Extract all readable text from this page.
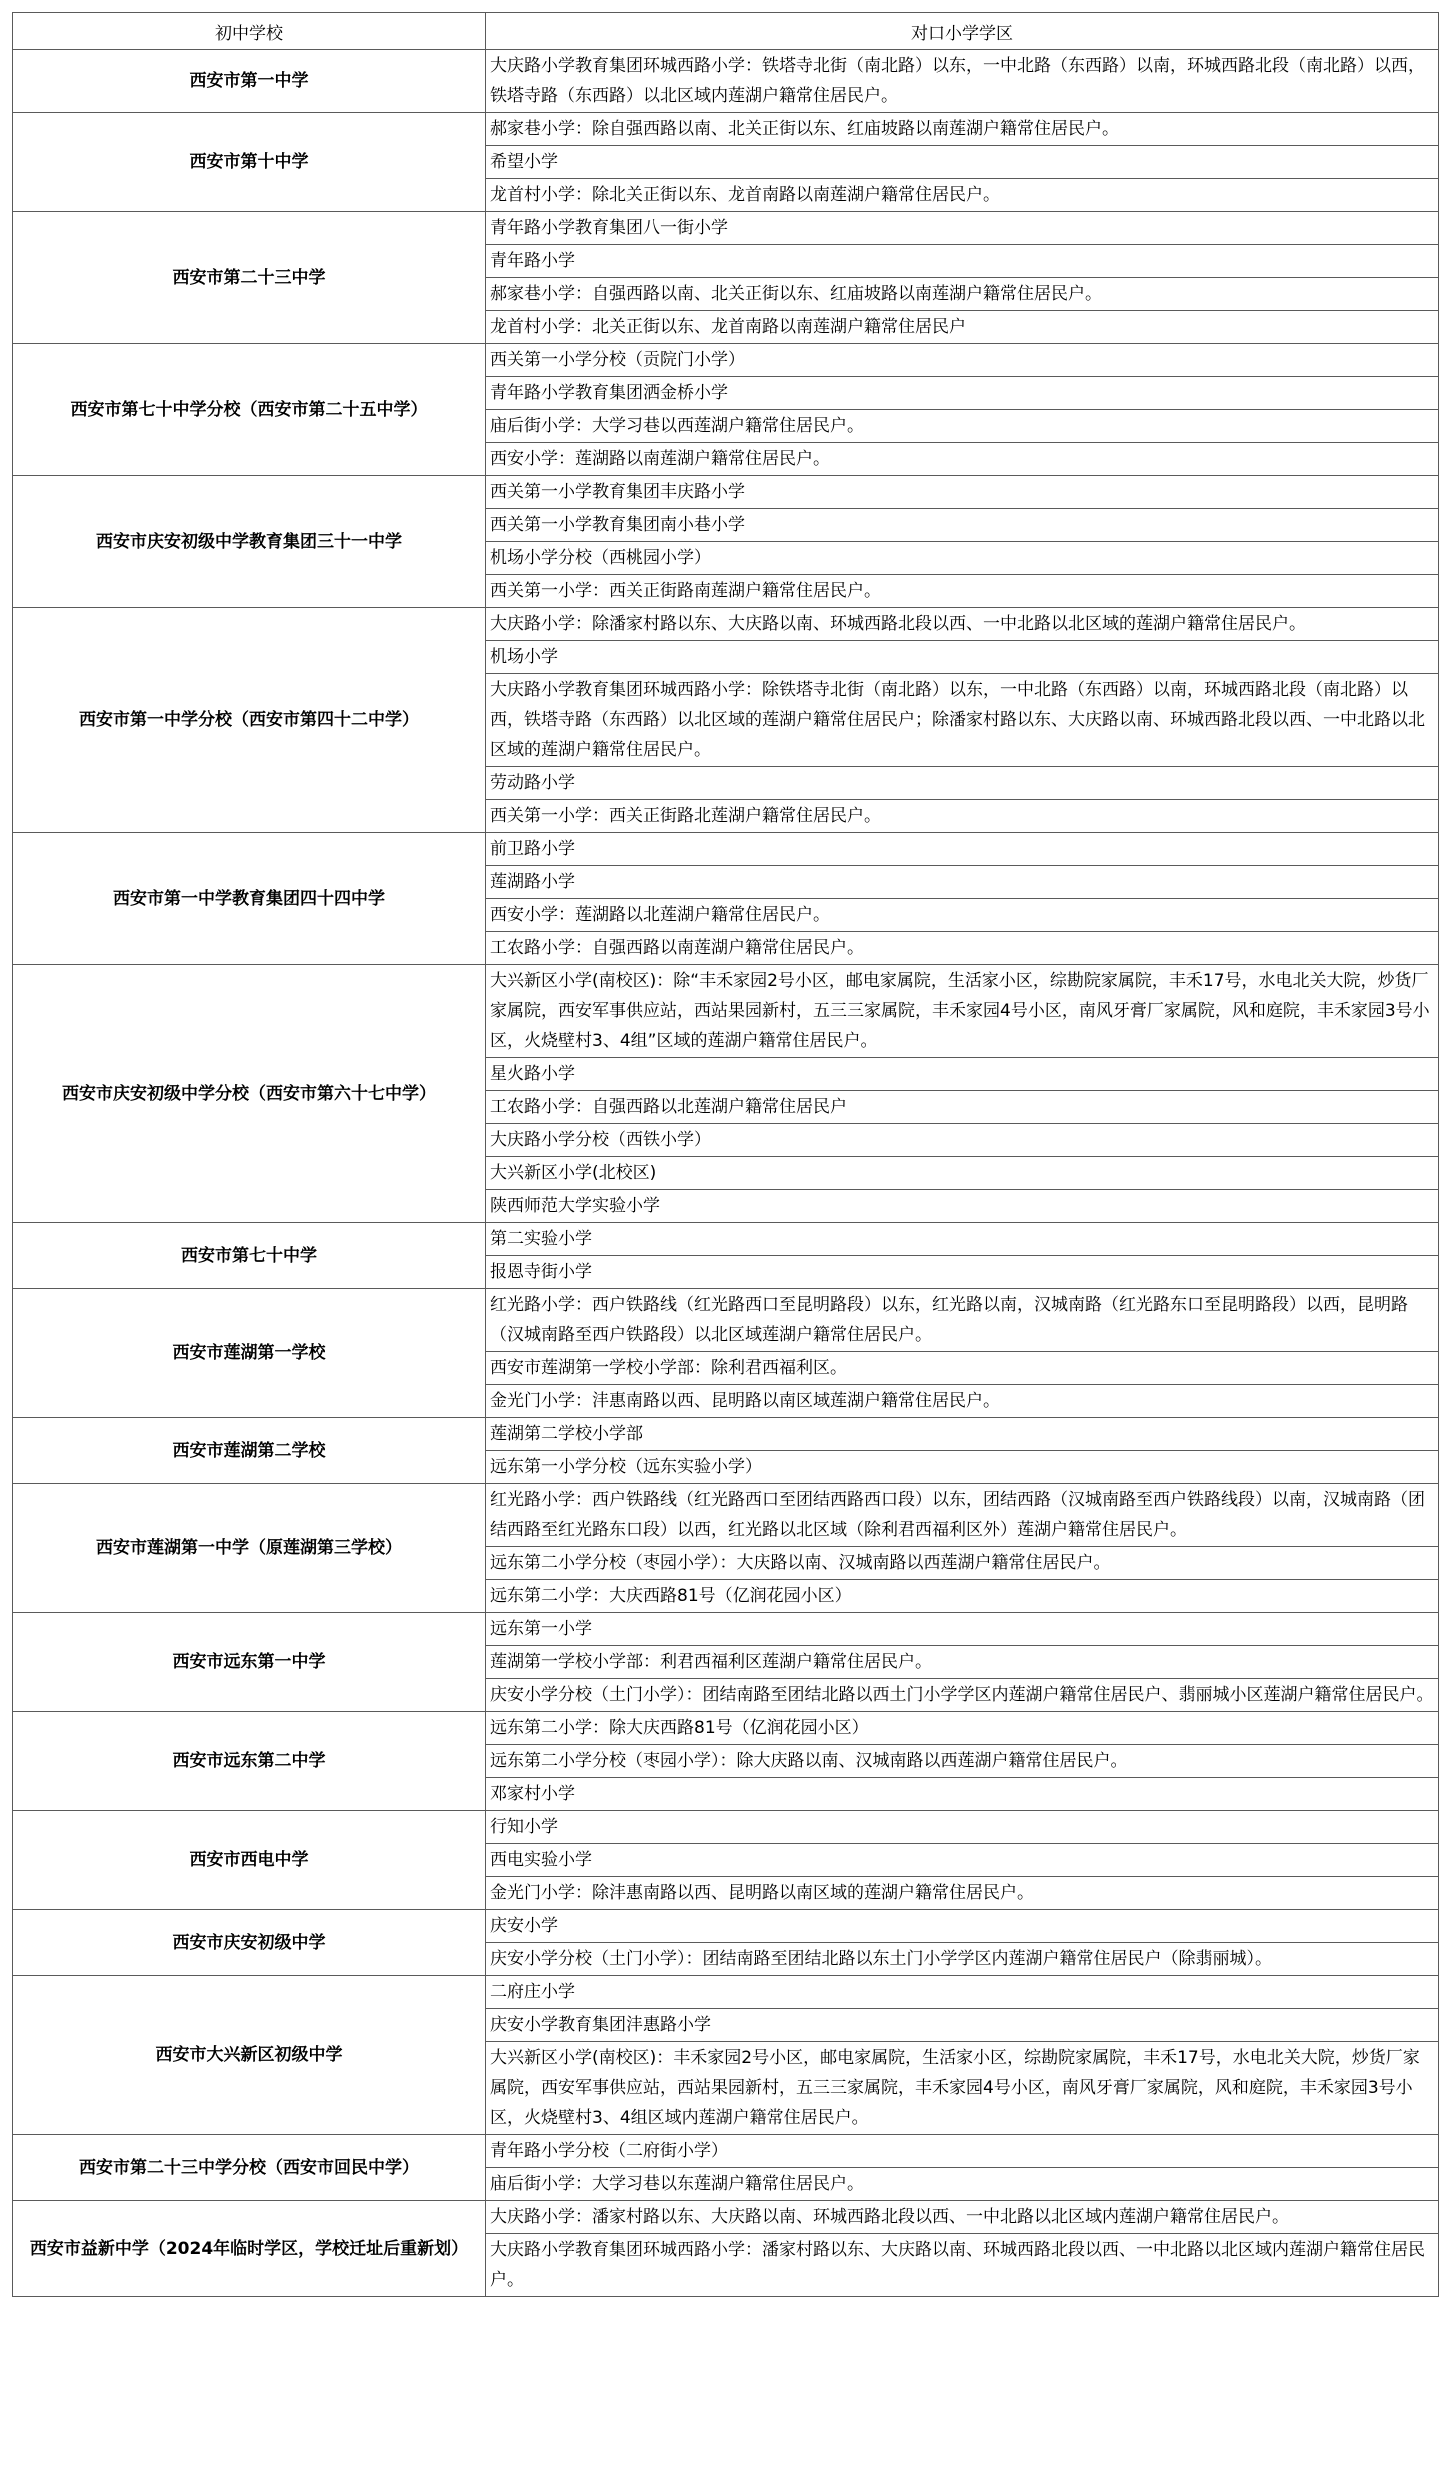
初中学校	对口小学学区
西安市第一中学	大庆路小学教育集团环城西路小学：铁塔寺北街（南北路）以东，一中北路（东西路）以南，环城西路北段（南北路）以西，铁塔寺路（东西路）以北区域内莲湖户籍常住居民户。
西安市第十中学	郝家巷小学：除自强西路以南、北关正街以东、红庙坡路以南莲湖户籍常住居民户。
	希望小学
	龙首村小学：除北关正街以东、龙首南路以南莲湖户籍常住居民户。
西安市第二十三中学	青年路小学教育集团八一街小学
	青年路小学
	郝家巷小学：自强西路以南、北关正街以东、红庙坡路以南莲湖户籍常住居民户。
	龙首村小学：北关正街以东、龙首南路以南莲湖户籍常住居民户
西安市第七十中学分校（西安市第二十五中学）	西关第一小学分校（贡院门小学）
	青年路小学教育集团洒金桥小学
	庙后街小学：大学习巷以西莲湖户籍常住居民户。
	西安小学：莲湖路以南莲湖户籍常住居民户。
西安市庆安初级中学教育集团三十一中学	西关第一小学教育集团丰庆路小学
	西关第一小学教育集团南小巷小学
	机场小学分校（西桃园小学）
	西关第一小学：西关正街路南莲湖户籍常住居民户。
西安市第一中学分校（西安市第四十二中学）	大庆路小学：除潘家村路以东、大庆路以南、环城西路北段以西、一中北路以北区域的莲湖户籍常住居民户。
	机场小学
	大庆路小学教育集团环城西路小学：除铁塔寺北街（南北路）以东，一中北路（东西路）以南，环城西路北段（南北路）以西，铁塔寺路（东西路）以北区域的莲湖户籍常住居民户；除潘家村路以东、大庆路以南、环城西路北段以西、一中北路以北区域的莲湖户籍常住居民户。
	劳动路小学
	西关第一小学：西关正街路北莲湖户籍常住居民户。
西安市第一中学教育集团四十四中学	前卫路小学
	莲湖路小学
	西安小学：莲湖路以北莲湖户籍常住居民户。
	工农路小学：自强西路以南莲湖户籍常住居民户。
西安市庆安初级中学分校（西安市第六十七中学）	大兴新区小学(南校区)：除“丰禾家园2号小区，邮电家属院，生活家小区，综勘院家属院，丰禾17号，水电北关大院，炒货厂家属院，西安军事供应站，西站果园新村，五三三家属院，丰禾家园4号小区，南风牙膏厂家属院，风和庭院，丰禾家园3号小区，火烧壁村3、4组”区域的莲湖户籍常住居民户。
	星火路小学
	工农路小学：自强西路以北莲湖户籍常住居民户
	大庆路小学分校（西铁小学）
	大兴新区小学(北校区)
	陕西师范大学实验小学
西安市第七十中学	第二实验小学
	报恩寺街小学
西安市莲湖第一学校	红光路小学：西户铁路线（红光路西口至昆明路段）以东，红光路以南，汉城南路（红光路东口至昆明路段）以西，昆明路（汉城南路至西户铁路段）以北区域莲湖户籍常住居民户。
	西安市莲湖第一学校小学部：除利君西福利区。
	金光门小学：沣惠南路以西、昆明路以南区域莲湖户籍常住居民户。
西安市莲湖第二学校	莲湖第二学校小学部
	远东第一小学分校（远东实验小学）
西安市莲湖第一中学（原莲湖第三学校）	红光路小学：西户铁路线（红光路西口至团结西路西口段）以东，团结西路（汉城南路至西户铁路线段）以南，汉城南路（团结西路至红光路东口段）以西，红光路以北区域（除利君西福利区外）莲湖户籍常住居民户。
	远东第二小学分校（枣园小学）：大庆路以南、汉城南路以西莲湖户籍常住居民户。
	远东第二小学：大庆西路81号（亿润花园小区）
西安市远东第一中学	远东第一小学
	莲湖第一学校小学部：利君西福利区莲湖户籍常住居民户。
	庆安小学分校（土门小学）：团结南路至团结北路以西土门小学学区内莲湖户籍常住居民户、翡丽城小区莲湖户籍常住居民户。
西安市远东第二中学	远东第二小学：除大庆西路81号（亿润花园小区）
	远东第二小学分校（枣园小学）：除大庆路以南、汉城南路以西莲湖户籍常住居民户。
	邓家村小学
西安市西电中学	行知小学
	西电实验小学
	金光门小学：除沣惠南路以西、昆明路以南区域的莲湖户籍常住居民户。
西安市庆安初级中学	庆安小学
	庆安小学分校（土门小学）：团结南路至团结北路以东土门小学学区内莲湖户籍常住居民户（除翡丽城）。
西安市大兴新区初级中学	二府庄小学
	庆安小学教育集团沣惠路小学
	大兴新区小学(南校区)：丰禾家园2号小区，邮电家属院，生活家小区，综勘院家属院，丰禾17号，水电北关大院，炒货厂家属院，西安军事供应站，西站果园新村，五三三家属院，丰禾家园4号小区，南风牙膏厂家属院，风和庭院，丰禾家园3号小区，火烧壁村3、4组区域内莲湖户籍常住居民户。
西安市第二十三中学分校（西安市回民中学）	青年路小学分校（二府街小学）
	庙后街小学：大学习巷以东莲湖户籍常住居民户。
西安市益新中学（2024年临时学区，学校迁址后重新划）	大庆路小学：潘家村路以东、大庆路以南、环城西路北段以西、一中北路以北区域内莲湖户籍常住居民户。
	大庆路小学教育集团环城西路小学：潘家村路以东、大庆路以南、环城西路北段以西、一中北路以北区域内莲湖户籍常住居民户。
